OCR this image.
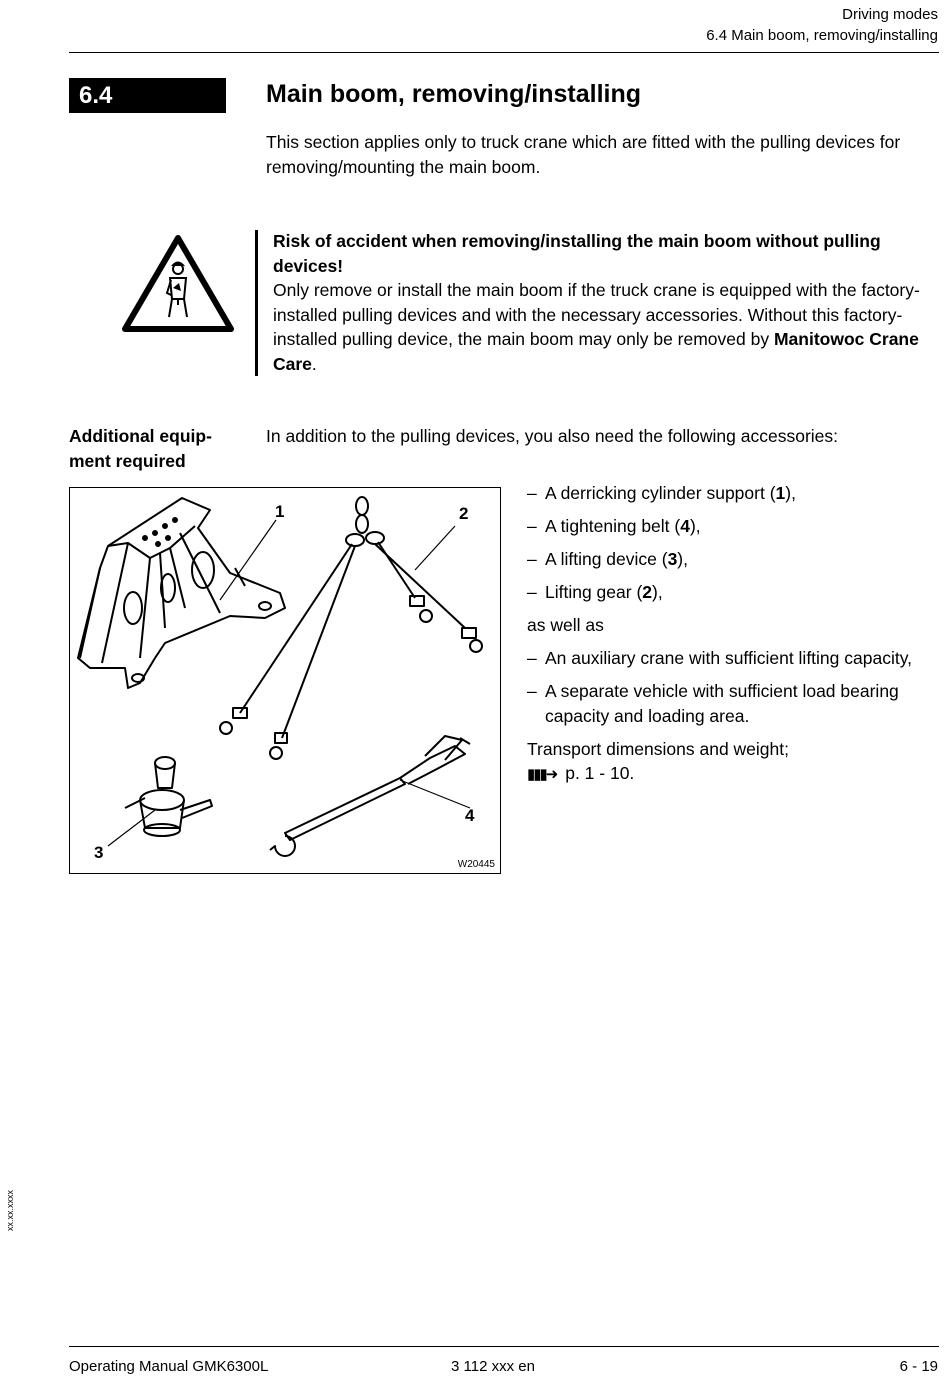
Driving modes
6.4 Main boom, removing/installing
6.4	Main boom, removing/installing
This section applies only to truck crane which are fitted with the pulling devices for removing/mounting the main boom.
Risk of accident when removing/installing the main boom without pulling devices!
Only remove or install the main boom if the truck crane is equipped with the factory-installed pulling devices and with the necessary accessories. Without this factory-installed pulling device, the main boom may only be removed by Manitowoc Crane Care.
Additional equip-ment required
In addition to the pulling devices, you also need the following accessories:
1	2
3
4
W20445
– A derricking cylinder support (1),
– A tightening belt (4),
– A lifting device (3),
– Lifting gear (2),
as well as
– An auxiliary crane with sufficient lifting capacity,
– A separate vehicle with sufficient load bearing capacity and loading area.
Transport dimensions and weight;
▮▮▮➜ p. 1 - 10.
xx.xx.xxxx
Operating Manual GMK6300L	3 112 xxx en	6 - 19
